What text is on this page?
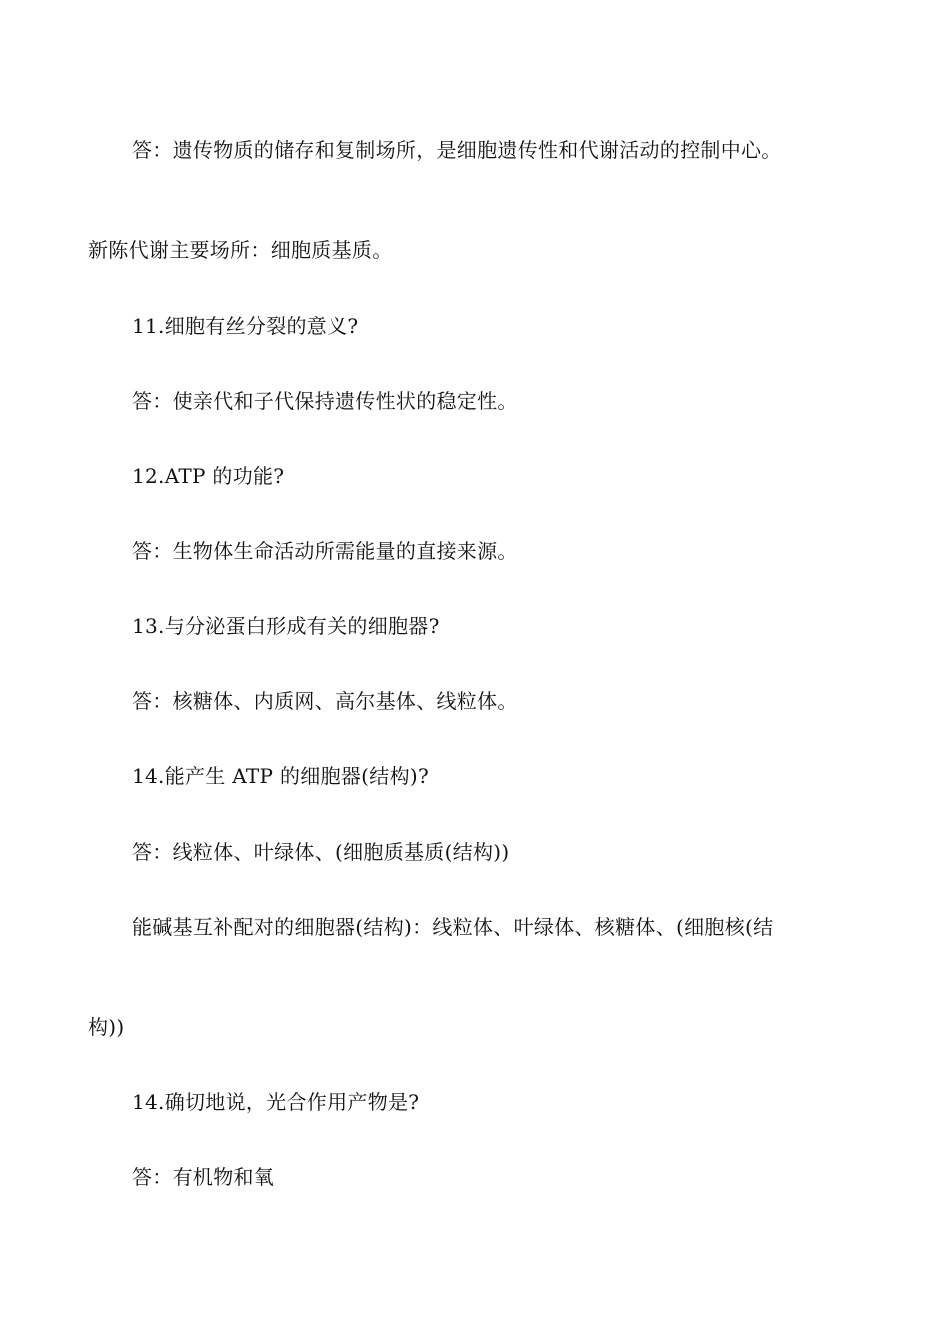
答：遗传物质的储存和复制场所，是细胞遗传性和代谢活动的控制中心。
新陈代谢主要场所：细胞质基质。
11.细胞有丝分裂的意义?
答：使亲代和子代保持遗传性状的稳定性。
12.ATP 的功能?
答：生物体生命活动所需能量的直接来源。
13.与分泌蛋白形成有关的细胞器?
答：核糖体、内质网、高尔基体、线粒体。
14.能产生 ATP 的细胞器(结构)?
答：线粒体、叶绿体、(细胞质基质(结构))
能碱基互补配对的细胞器(结构)：线粒体、叶绿体、核糖体、(细胞核(结
构))
14.确切地说，光合作用产物是?
答：有机物和氧
